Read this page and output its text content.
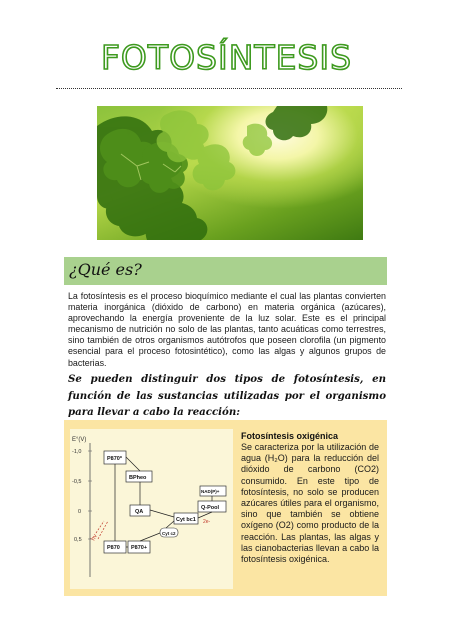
FOTOSÍNTESIS
¿Qué es?

La fotosíntesis es el proceso bioquímico mediante el cual las plantas convierten materia inorgánica (dióxido de carbono) en materia orgánica (azúcares), aprovechando la energía proveniente de la luz solar. Este es el principal mecanismo de nutrición no solo de las plantas, tanto acuáticas como terrestres, sino también de otros organismos autótrofos que poseen clorofila (un pigmento esencial para el proceso fotosintético), como las algas y algunos grupos de bacterias.

Se pueden distinguir dos tipos de fotosíntesis, en función de las sustancias utilizadas por el organismo para llevar a cabo la reacción:

E°(V)
-1,0
-0,5
0
0,5
P870*
BPheo
QA
Q-Pool
NAD(P)+
Cyt bc1
Cyt c2
P870 P870+
hν
2e-
Fotosíntesis oxigénica

Se caracteriza por la utilización de agua (H₂O) para la reducción del dióxido de carbono (CO2) consumido. En este tipo de fotosíntesis, no solo se producen azúcares útiles para el organismo, sino que también se obtiene oxígeno (O2) como producto de la reacción. Las plantas, las algas y las cianobacterias llevan a cabo la fotosíntesis oxigénica.
